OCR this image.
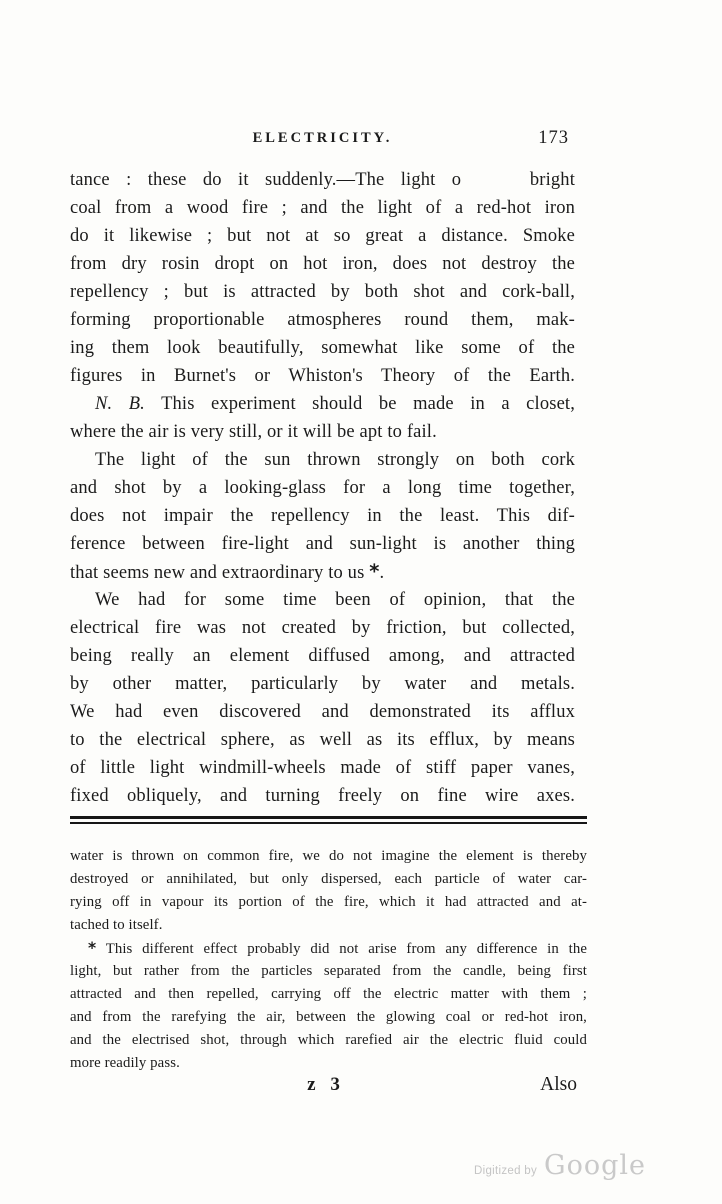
ELECTRICITY.	173
tance : these do it suddenly.—The light o  bright
coal from a wood fire ; and the light of a red-hot iron
do it likewise ; but not at so great a distance. Smoke
from dry rosin dropt on hot iron, does not destroy the
repellency ; but is attracted by both shot and cork-ball,
forming proportionable atmospheres round them, mak-
ing them look beautifully, somewhat like some of the
figures in Burnet's or Whiston's Theory of the Earth.
N. B. This experiment should be made in a closet,
where the air is very still, or it will be apt to fail.
The light of the sun thrown strongly on both cork
and shot by a looking-glass for a long time together,
does not impair the repellency in the least. This dif-
ference between fire-light and sun-light is another thing
that seems new and extraordinary to us *.
We had for some time been of opinion, that the
electrical fire was not created by friction, but collected,
being really an element diffused among, and attracted
by other matter, particularly by water and metals.
We had even discovered and demonstrated its afflux
to the electrical sphere, as well as its efflux, by means
of little light windmill-wheels made of stiff paper vanes,
fixed obliquely, and turning freely on fine wire axes.
water is thrown on common fire, we do not imagine the element is thereby
destroyed or annihilated, but only dispersed, each particle of water car-
rying off in vapour its portion of the fire, which it had attracted and at-
tached to itself.
* This different effect probably did not arise from any difference in the
light, but rather from the particles separated from the candle, being first
attracted and then repelled, carrying off the electric matter with them ;
and from the rarefying the air, between the glowing coal or red-hot iron,
and the electrised shot, through which rarefied air the electric fluid could
more readily pass.
z 3	Also
Digitized by Google
